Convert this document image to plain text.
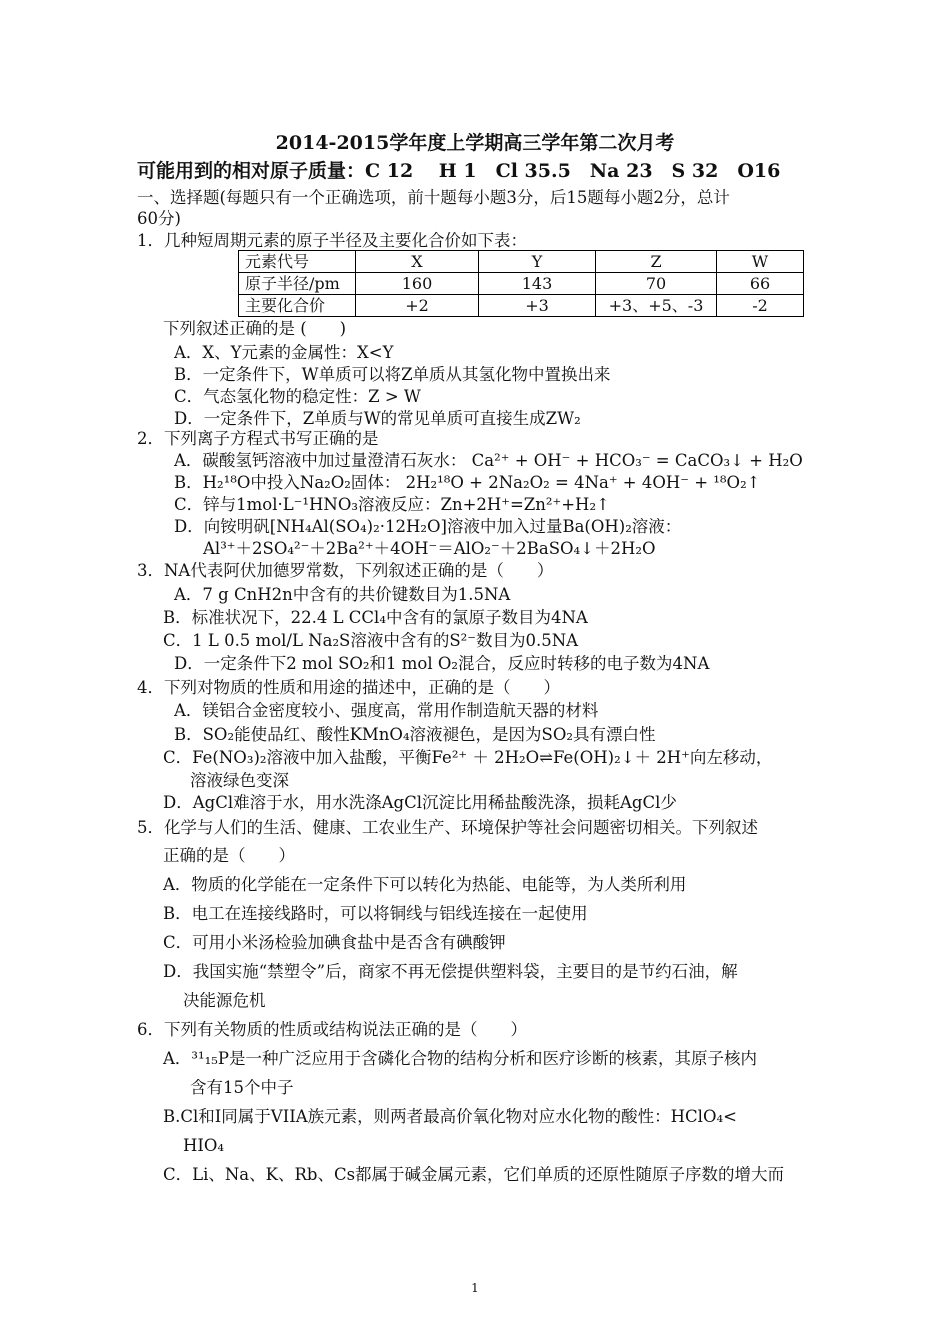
2014-2015学年度上学期高三学年第二次月考
可能用到的相对原子质量：C 12　 H 1　Cl 35.5　Na 23　S 32　O16
一、选择题(每题只有一个正确选项，前十题每小题3分，后15题每小题2分，总计
60分)
1．几种短周期元素的原子半径及主要化合价如下表：
元素代号	X	Y	Z	W
原子半径/pm	160	143	70	66
主要化合价	+2	+3	+3、+5、-3	-2
下列叙述正确的是 (　　)
A．X、Y元素的金属性：X<Y
B．一定条件下，W单质可以将Z单质从其氢化物中置换出来
C．气态氢化物的稳定性：Z > W
D．一定条件下，Z单质与W的常见单质可直接生成ZW₂
2．下列离子方程式书写正确的是
A．碳酸氢钙溶液中加过量澄清石灰水： Ca²⁺ + OH⁻ + HCO₃⁻ = CaCO₃↓ + H₂O
B．H₂¹⁸O中投入Na₂O₂固体： 2H₂¹⁸O + 2Na₂O₂ = 4Na⁺ + 4OH⁻ + ¹⁸O₂↑
C．锌与1mol·L⁻¹HNO₃溶液反应：Zn+2H⁺=Zn²⁺+H₂↑
D．向铵明矾[NH₄Al(SO₄)₂·12H₂O]溶液中加入过量Ba(OH)₂溶液：
Al³⁺＋2SO₄²⁻＋2Ba²⁺＋4OH⁻＝AlO₂⁻＋2BaSO₄↓＋2H₂O
3．NA代表阿伏加德罗常数，下列叙述正确的是（　　）
A．7 g CnH2n中含有的共价键数目为1.5NA
B．标准状况下，22.4 L CCl₄中含有的氯原子数目为4NA
C．1 L 0.5 mol/L Na₂S溶液中含有的S²⁻数目为0.5NA
D．一定条件下2 mol SO₂和1 mol O₂混合，反应时转移的电子数为4NA
4．下列对物质的性质和用途的描述中，正确的是（　　）
A．镁铝合金密度较小、强度高，常用作制造航天器的材料
B．SO₂能使品红、酸性KMnO₄溶液褪色，是因为SO₂具有漂白性
C．Fe(NO₃)₂溶液中加入盐酸，平衡Fe²⁺ ＋ 2H₂O⇌Fe(OH)₂↓＋ 2H⁺向左移动，
溶液绿色变深
D．AgCl难溶于水，用水洗涤AgCl沉淀比用稀盐酸洗涤，损耗AgCl少
5．化学与人们的生活、健康、工农业生产、环境保护等社会问题密切相关。下列叙述
正确的是（　　）
A．物质的化学能在一定条件下可以转化为热能、电能等，为人类所利用
B．电工在连接线路时，可以将铜线与铝线连接在一起使用
C．可用小米汤检验加碘食盐中是否含有碘酸钾
D．我国实施“禁塑令”后，商家不再无偿提供塑料袋，主要目的是节约石油，解
决能源危机
6．下列有关物质的性质或结构说法正确的是（　　）
A．³¹₁₅P是一种广泛应用于含磷化合物的结构分析和医疗诊断的核素，其原子核内
含有15个中子
B.Cl和I同属于VIIA族元素，则两者最高价氧化物对应水化物的酸性：HClO₄<
HIO₄
C．Li、Na、K、Rb、Cs都属于碱金属元素，它们单质的还原性随原子序数的增大而
1
